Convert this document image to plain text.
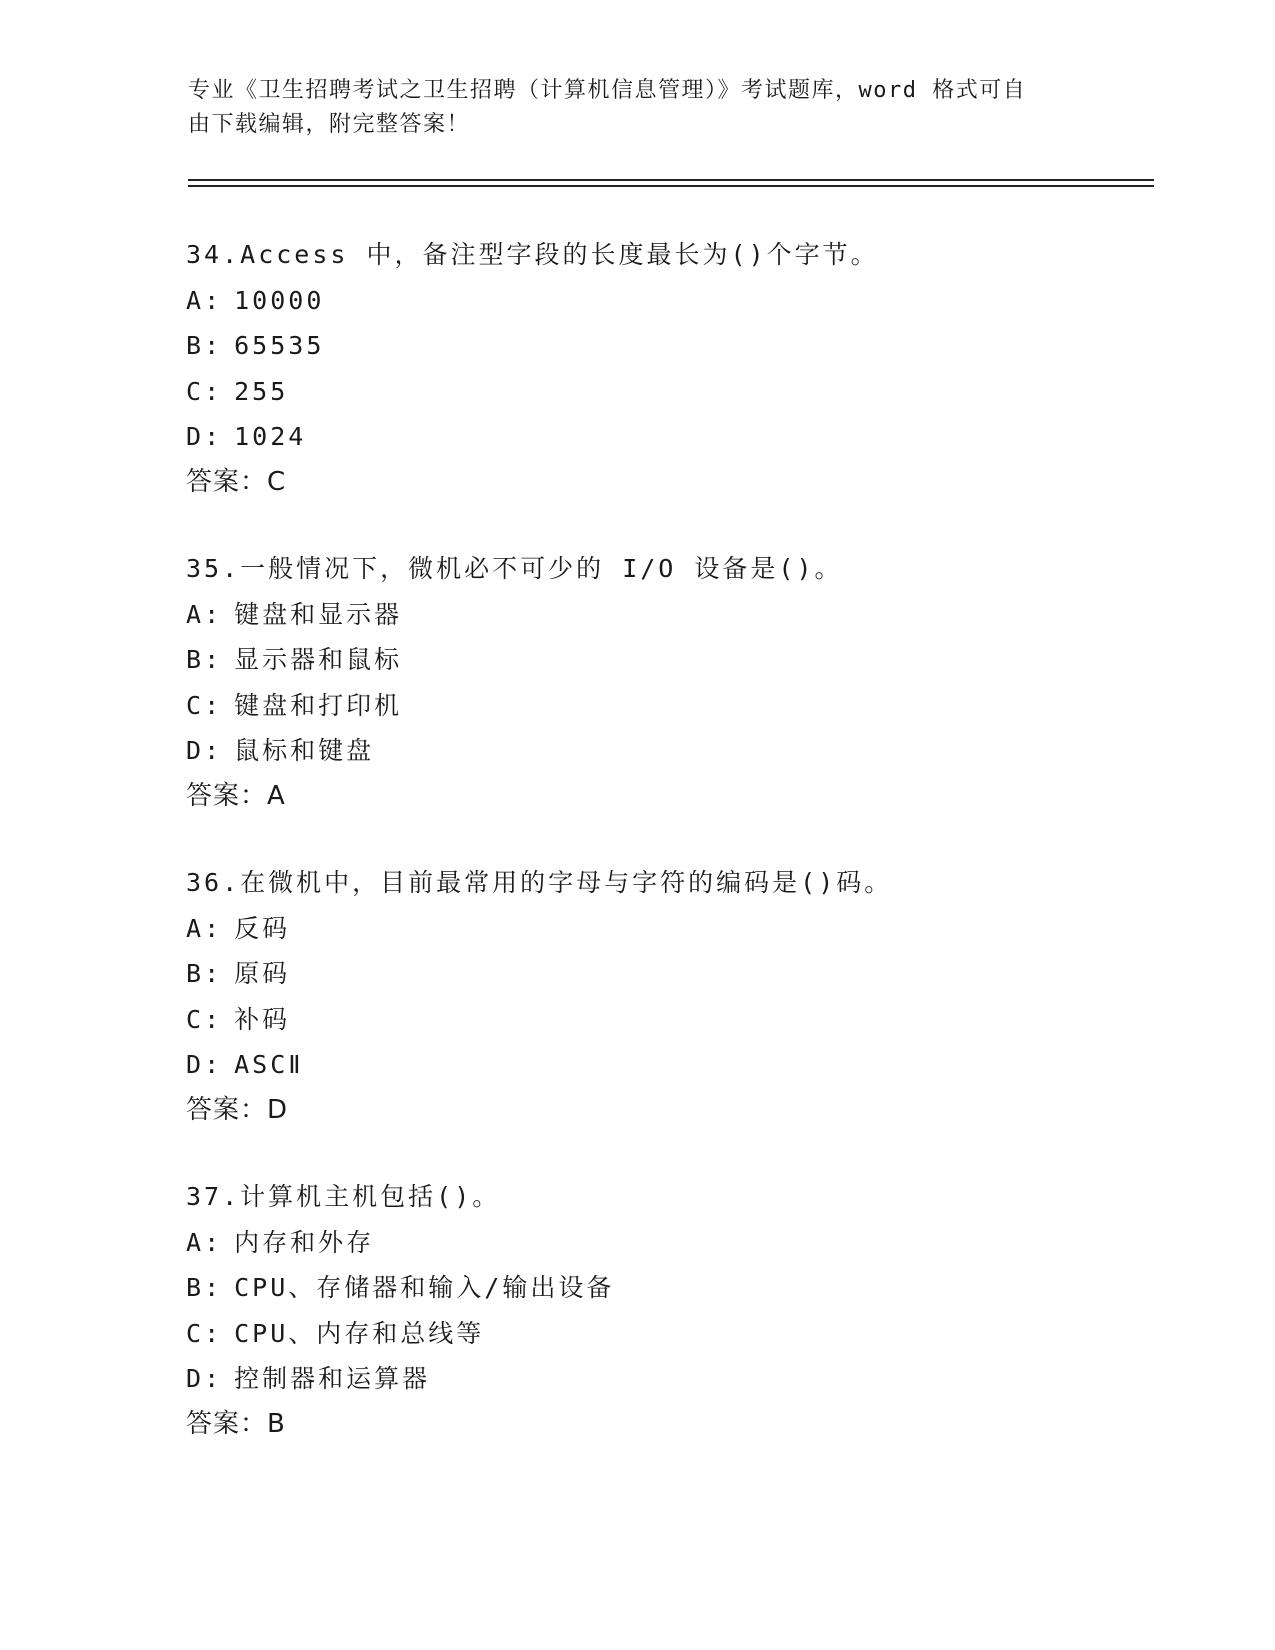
专业《卫生招聘考试之卫生招聘（计算机信息管理）》考试题库，word 格式可自
由下载编辑，附完整答案！
34.Access 中，备注型字段的长度最长为()个字节。
A: 10000
B: 65535
C: 255
D: 1024
答案：C
35.一般情况下，微机必不可少的 I/O 设备是()。
A: 键盘和显示器
B: 显示器和鼠标
C: 键盘和打印机
D: 鼠标和键盘
答案：A
36.在微机中，目前最常用的字母与字符的编码是()码。
A: 反码
B: 原码
C: 补码
D: ASCⅡ
答案：D
37.计算机主机包括()。
A: 内存和外存
B: CPU、存储器和输入/输出设备
C: CPU、内存和总线等
D: 控制器和运算器
答案：B
